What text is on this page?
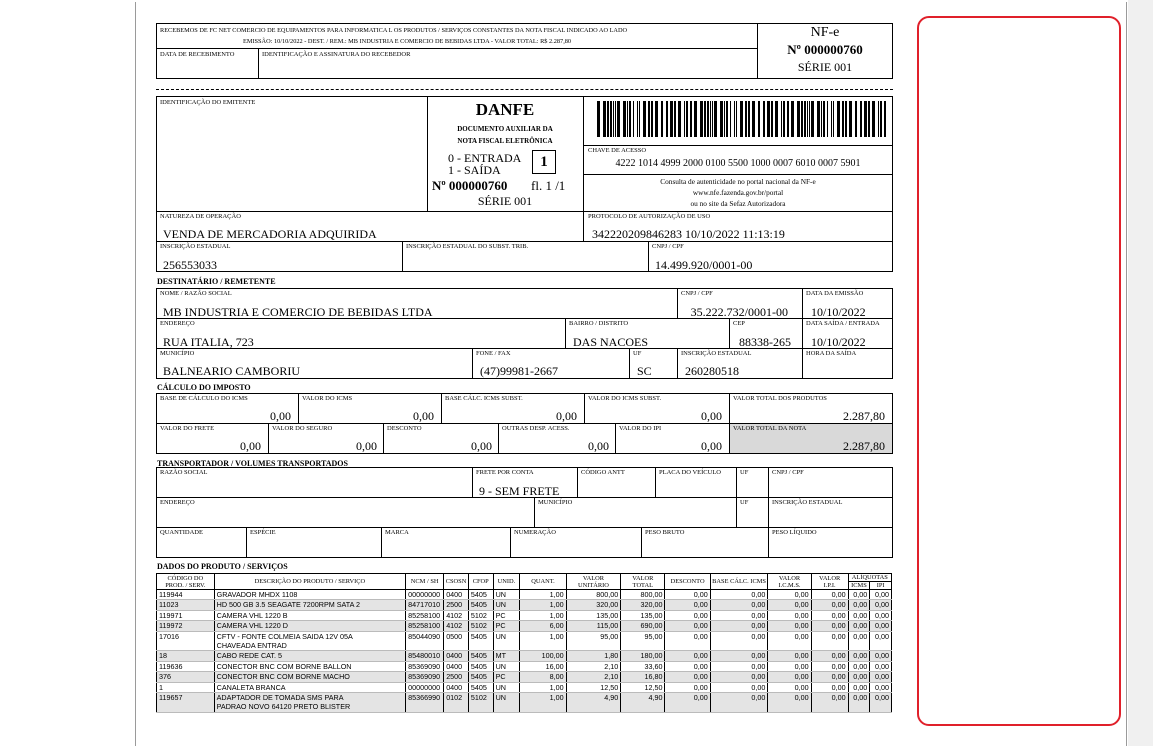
RECEBEMOS DE FC NET COMERCIO DE EQUIPAMENTOS PARA INFORMATICA L OS PRODUTOS / SERVIÇOS CONSTANTES DA NOTA FISCAL INDICADO AO LADO
EMISSÃO: 10/10/2022 - DEST. / REM.: MB INDUSTRIA E COMERCIO DE BEBIDAS LTDA - VALOR TOTAL: R$ 2.287,80
DATA DE RECEBIMENTO	IDENTIFICAÇÃO E ASSINATURA DO RECEBEDOR
NF-e
Nº 000000760
SÉRIE 001
IDENTIFICAÇÃO DO EMITENTE	DANFE
DOCUMENTO AUXILIAR DA
NOTA FISCAL ELETRÔNICA
0 - ENTRADA
1 - SAÍDA	1
Nº 000000760 fl. 1 /1
SÉRIE 001
CHAVE DE ACESSO
4222 1014 4999 2000 0100 5500 1000 0007 6010 0007 5901
Consulta de autenticidade no portal nacional da NF-e
www.nfe.fazenda.gov.br/portal
ou no site da Sefaz Autorizadora
NATUREZA DE OPERAÇÃO
VENDA DE MERCADORIA ADQUIRIDA
PROTOCOLO DE AUTORIZAÇÃO DE USO
342220209846283 10/10/2022 11:13:19
INSCRIÇÃO ESTADUAL
256553033
INSCRIÇÃO ESTADUAL DO SUBST. TRIB.	CNPJ / CPF
14.499.920/0001-00
DESTINATÁRIO / REMETENTE
NOME / RAZÃO SOCIAL
MB INDUSTRIA E COMERCIO DE BEBIDAS LTDA
CNPJ / CPF
35.222.732/0001-00
DATA DA EMISSÃO
10/10/2022
ENDEREÇO
RUA ITALIA, 723
BAIRRO / DISTRITO
DAS NACOES
CEP
88338-265
DATA SAÍDA / ENTRADA
10/10/2022
MUNICÍPIO
BALNEARIO CAMBORIU
FONE / FAX
(47)99981-2667
UF
SC
INSCRIÇÃO ESTADUAL
260280518
HORA DA SAÍDA
CÁLCULO DO IMPOSTO
BASE DE CÁLCULO DO ICMS
0,00
VALOR DO ICMS
0,00
BASE CÁLC. ICMS SUBST.
0,00
VALOR DO ICMS SUBST.
0,00
VALOR TOTAL DOS PRODUTOS
2.287,80
VALOR DO FRETE
0,00
VALOR DO SEGURO
0,00
DESCONTO
0,00
OUTRAS DESP. ACESS.
0,00
VALOR DO IPI
0,00
VALOR TOTAL DA NOTA
2.287,80
TRANSPORTADOR / VOLUMES TRANSPORTADOS
RAZÃO SOCIAL	FRETE POR CONTA
9 - SEM FRETE
CÓDIGO ANTT	PLACA DO VEÍCULO	UF	CNPJ / CPF
ENDEREÇO	MUNICÍPIO	UF	INSCRIÇÃO ESTADUAL
QUANTIDADE	ESPÉCIE	MARCA	NUMERAÇÃO	PESO BRUTO	PESO LÍQUIDO
DADOS DO PRODUTO / SERVIÇOS
CÓDIGO DO PROD. / SERV.	DESCRIÇÃO DO PRODUTO / SERVIÇO	NCM / SH	CSOSN	CFOP	UNID.	QUANT.	VALOR UNITÁRIO	VALOR TOTAL	DESCONTO	BASE CÁLC. ICMS	VALOR I.C.M.S.	VALOR I.P.I.	ALÍQUOTAS	
													ICMS	IPI
119944	GRAVADOR MHDX 1108	00000000	0400	5405	UN	1,00	800,00	800,00	0,00	0,00	0,00	0,00	0,00	0,00
11023	HD 500 GB 3.5 SEAGATE 7200RPM SATA 2	84717010	2500	5405	UN	1,00	320,00	320,00	0,00	0,00	0,00	0,00	0,00	0,00
119971	CAMERA VHL 1220 B	85258100	4102	5102	PC	1,00	135,00	135,00	0,00	0,00	0,00	0,00	0,00	0,00
119972	CAMERA VHL 1220 D	85258100	4102	5102	PC	6,00	115,00	690,00	0,00	0,00	0,00	0,00	0,00	0,00
17016	CFTV - FONTE COLMEIA SAIDA 12V 05A
CHAVEADA ENTRAD	85044090	0500	5405	UN	1,00	95,00	95,00	0,00	0,00	0,00	0,00	0,00	0,00
18	CABO REDE CAT. 5	85480010	0400	5405	MT	100,00	1,80	180,00	0,00	0,00	0,00	0,00	0,00	0,00
119636	CONECTOR BNC COM BORNE BALLON	85369090	0400	5405	UN	16,00	2,10	33,60	0,00	0,00	0,00	0,00	0,00	0,00
376	CONECTOR BNC COM BORNE MACHO	85369090	2500	5405	PC	8,00	2,10	16,80	0,00	0,00	0,00	0,00	0,00	0,00
1	CANALETA BRANCA	00000000	0400	5405	UN	1,00	12,50	12,50	0,00	0,00	0,00	0,00	0,00	0,00
119657	ADAPTADOR DE TOMADA SMS PARA
PADRAO NOVO 64120 PRETO BLISTER	85366990	0102	5102	UN	1,00	4,90	4,90	0,00	0,00	0,00	0,00	0,00	0,00
